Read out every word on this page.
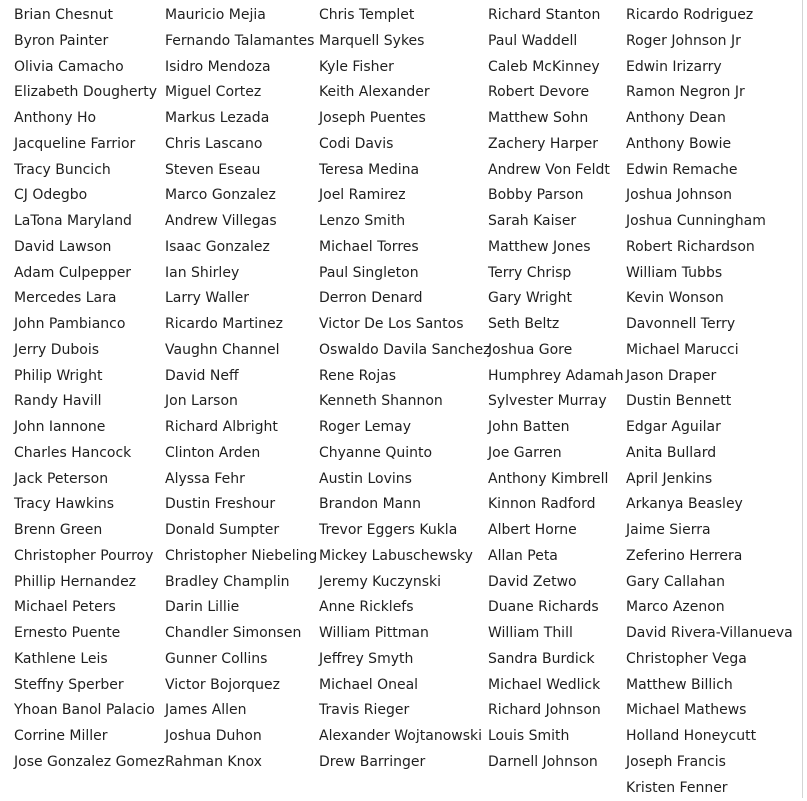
Brian Chesnut
Byron Painter
Olivia Camacho
Elizabeth Dougherty
Anthony Ho
Jacqueline Farrior
Tracy Buncich
CJ Odegbo
LaTona Maryland
David Lawson
Adam Culpepper
Mercedes Lara
John Pambianco
Jerry Dubois
Philip Wright
Randy Havill
John Iannone
Charles Hancock
Jack Peterson
Tracy Hawkins
Brenn Green
Christopher Pourroy
Phillip Hernandez
Michael Peters
Ernesto Puente
Kathlene Leis
Steffny Sperber
Yhoan Banol Palacio
Corrine Miller
Jose Gonzalez Gomez
Mauricio Mejia
Fernando Talamantes
Isidro Mendoza
Miguel Cortez
Markus Lezada
Chris Lascano
Steven Eseau
Marco Gonzalez
Andrew Villegas
Isaac Gonzalez
Ian Shirley
Larry Waller
Ricardo Martinez
Vaughn Channel
David Neff
Jon Larson
Richard Albright
Clinton Arden
Alyssa Fehr
Dustin Freshour
Donald Sumpter
Christopher Niebeling
Bradley Champlin
Darin Lillie
Chandler Simonsen
Gunner Collins
Victor Bojorquez
James Allen
Joshua Duhon
Rahman Knox
Chris Templet
Marquell Sykes
Kyle Fisher
Keith Alexander
Joseph Puentes
Codi Davis
Teresa Medina
Joel Ramirez
Lenzo Smith
Michael Torres
Paul Singleton
Derron Denard
Victor De Los Santos
Oswaldo Davila Sanchez
Rene Rojas
Kenneth Shannon
Roger Lemay
Chyanne Quinto
Austin Lovins
Brandon Mann
Trevor Eggers Kukla
Mickey Labuschewsky
Jeremy Kuczynski
Anne Ricklefs
William Pittman
Jeffrey Smyth
Michael Oneal
Travis Rieger
Alexander Wojtanowski
Drew Barringer
Richard Stanton
Paul Waddell
Caleb McKinney
Robert Devore
Matthew Sohn
Zachery Harper
Andrew Von Feldt
Bobby Parson
Sarah Kaiser
Matthew Jones
Terry Chrisp
Gary Wright
Seth Beltz
Joshua Gore
Humphrey Adamah
Sylvester Murray
John Batten
Joe Garren
Anthony Kimbrell
Kinnon Radford
Albert Horne
Allan Peta
David Zetwo
Duane Richards
William Thill
Sandra Burdick
Michael Wedlick
Richard Johnson
Louis Smith
Darnell Johnson
Ricardo Rodriguez
Roger Johnson Jr
Edwin Irizarry
Ramon Negron Jr
Anthony Dean
Anthony Bowie
Edwin Remache
Joshua Johnson
Joshua Cunningham
Robert Richardson
William Tubbs
Kevin Wonson
Davonnell Terry
Michael Marucci
Jason Draper
Dustin Bennett
Edgar Aguilar
Anita Bullard
April Jenkins
Arkanya Beasley
Jaime Sierra
Zeferino Herrera
Gary Callahan
Marco Azenon
David Rivera-Villanueva
Christopher Vega
Matthew Billich
Michael Mathews
Holland Honeycutt
Joseph Francis
Kristen Fenner
